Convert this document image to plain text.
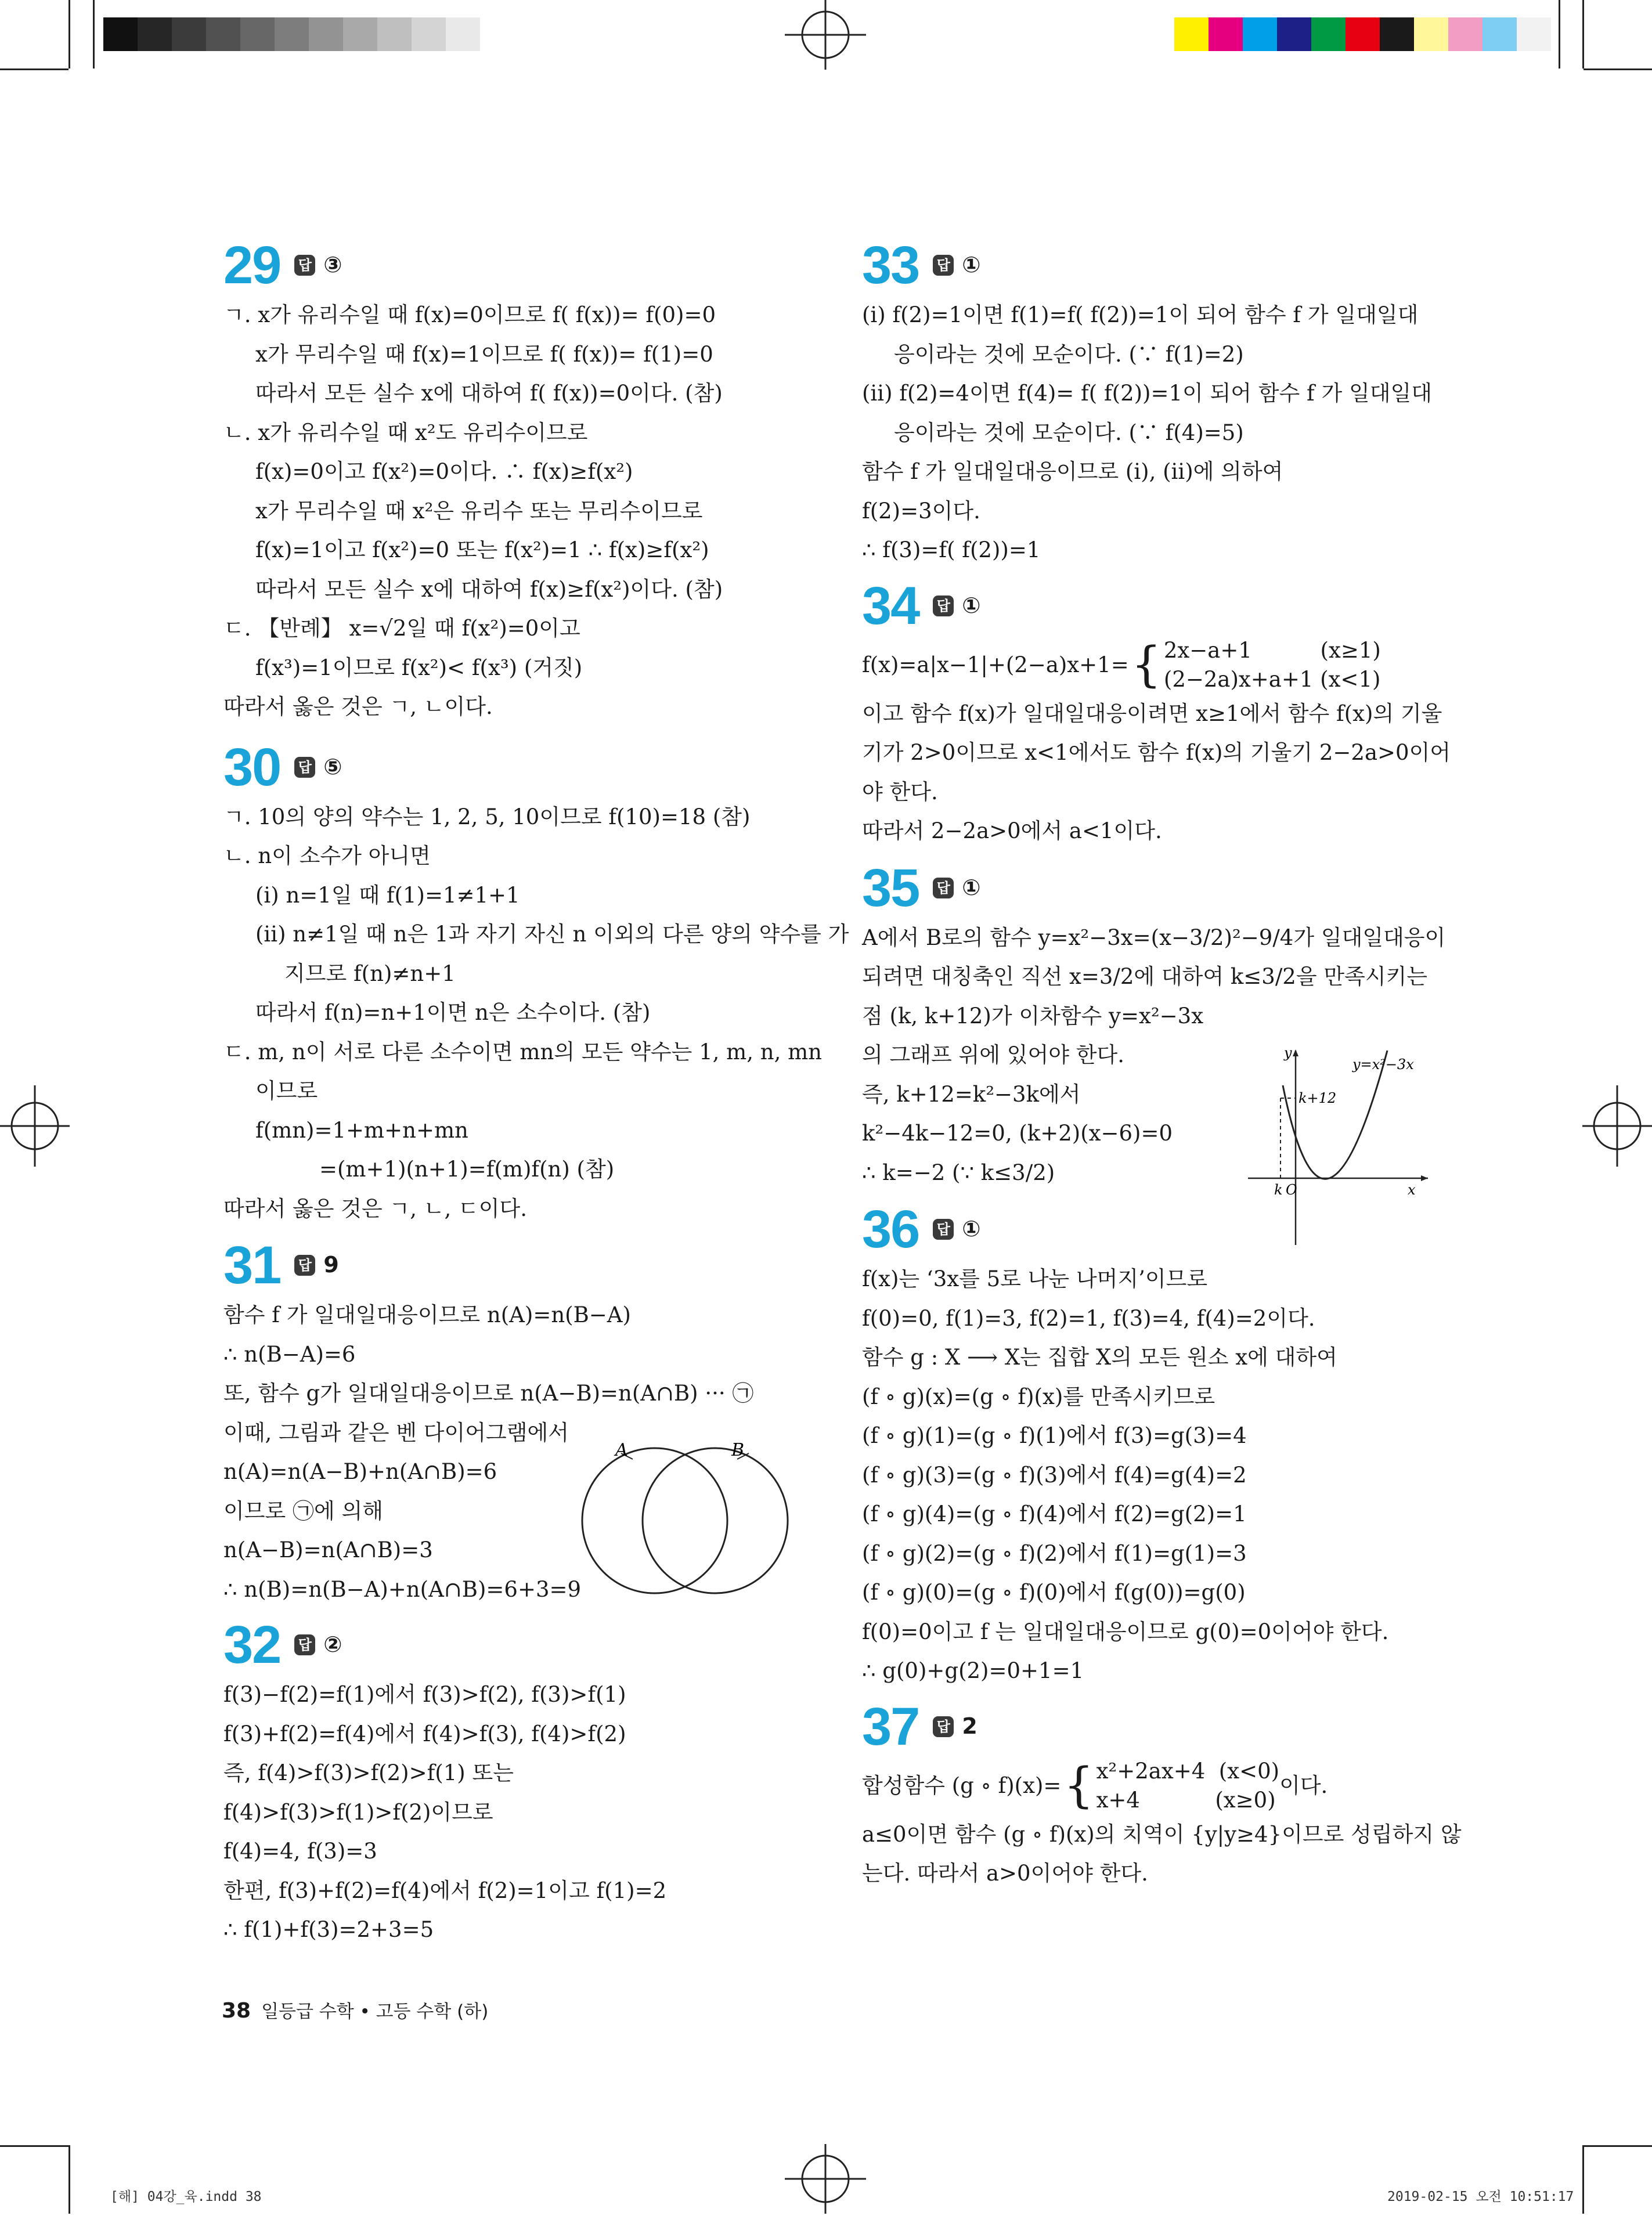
29 답 ③
ㄱ. x가 유리수일 때 f(x)=0이므로 f( f(x))= f(0)=0
x가 무리수일 때 f(x)=1이므로 f( f(x))= f(1)=0
따라서 모든 실수 x에 대하여 f( f(x))=0이다. (참)
ㄴ. x가 유리수일 때 x²도 유리수이므로
f(x)=0이고 f(x²)=0이다. ∴ f(x)≥f(x²)
x가 무리수일 때 x²은 유리수 또는 무리수이므로
f(x)=1이고 f(x²)=0 또는 f(x²)=1 ∴ f(x)≥f(x²)
따라서 모든 실수 x에 대하여 f(x)≥f(x²)이다. (참)
ㄷ. 【반례】 x=√2일 때 f(x²)=0이고
f(x³)=1이므로 f(x²)< f(x³) (거짓)
따라서 옳은 것은 ㄱ, ㄴ이다.
30 답 ⑤
ㄱ. 10의 양의 약수는 1, 2, 5, 10이므로 f(10)=18 (참)
ㄴ. n이 소수가 아니면
(ⅰ) n=1일 때 f(1)=1≠1+1
(ⅱ) n≠1일 때 n은 1과 자기 자신 n 이외의 다른 양의 약수를 가
지므로 f(n)≠n+1
따라서 f(n)=n+1이면 n은 소수이다. (참)
ㄷ. m, n이 서로 다른 소수이면 mn의 모든 약수는 1, m, n, mn
이므로
f(mn)=1+m+n+mn
=(m+1)(n+1)=f(m)f(n) (참)
따라서 옳은 것은 ㄱ, ㄴ, ㄷ이다.
31 답 9
함수 f 가 일대일대응이므로 n(A)=n(B−A)
∴ n(B−A)=6
또, 함수 g가 일대일대응이므로 n(A−B)=n(A∩B) ··· ㉠
이때, 그림과 같은 벤 다이어그램에서
n(A)=n(A−B)+n(A∩B)=6
이므로 ㉠에 의해
n(A−B)=n(A∩B)=3
∴ n(B)=n(B−A)+n(A∩B)=6+3=9
32 답 ②
f(3)−f(2)=f(1)에서 f(3)>f(2), f(3)>f(1)
f(3)+f(2)=f(4)에서 f(4)>f(3), f(4)>f(2)
즉, f(4)>f(3)>f(2)>f(1) 또는
f(4)>f(3)>f(1)>f(2)이므로
f(4)=4, f(3)=3
한편, f(3)+f(2)=f(4)에서 f(2)=1이고 f(1)=2
∴ f(1)+f(3)=2+3=5
A	B
33 답 ①
(ⅰ) f(2)=1이면 f(1)=f( f(2))=1이 되어 함수 f 가 일대일대
응이라는 것에 모순이다. (∵ f(1)=2)
(ⅱ) f(2)=4이면 f(4)= f( f(2))=1이 되어 함수 f 가 일대일대
응이라는 것에 모순이다. (∵ f(4)=5)
함수 f 가 일대일대응이므로 (ⅰ), (ⅱ)에 의하여
f(2)=3이다.
∴ f(3)=f( f(2))=1
34 답 ①
f(x)=a|x−1|+(2−a)x+1= { 2x−a+1          (x≥1)
(2−2a)x+a+1 (x<1)
이고 함수 f(x)가 일대일대응이려면 x≥1에서 함수 f(x)의 기울
기가 2>0이므로 x<1에서도 함수 f(x)의 기울기 2−2a>0이어
야 한다.
따라서 2−2a>0에서 a<1이다.
35 답 ①
A에서 B로의 함수 y=x²−3x=(x−3/2)²−9/4가 일대일대응이
되려면 대칭축인 직선 x=3/2에 대하여 k≤3/2을 만족시키는
점 (k, k+12)가 이차함수 y=x²−3x
의 그래프 위에 있어야 한다.
즉, k+12=k²−3k에서
k²−4k−12=0, (k+2)(x−6)=0
∴ k=−2 (∵ k≤3/2)
36 답 ①
f(x)는 ‘3x를 5로 나눈 나머지’이므로
f(0)=0, f(1)=3, f(2)=1, f(3)=4, f(4)=2이다.
함수 g : X ⟶ X는 집합 X의 모든 원소 x에 대하여
(f ∘ g)(x)=(g ∘ f)(x)를 만족시키므로
(f ∘ g)(1)=(g ∘ f)(1)에서 f(3)=g(3)=4
(f ∘ g)(3)=(g ∘ f)(3)에서 f(4)=g(4)=2
(f ∘ g)(4)=(g ∘ f)(4)에서 f(2)=g(2)=1
(f ∘ g)(2)=(g ∘ f)(2)에서 f(1)=g(1)=3
(f ∘ g)(0)=(g ∘ f)(0)에서 f(g(0))=g(0)
f(0)=0이고 f 는 일대일대응이므로 g(0)=0이어야 한다.
∴ g(0)+g(2)=0+1=1
37 답 2
합성함수 (g ∘ f)(x)= { x²+2ax+4  (x<0)
x+4           (x≥0)
이다.
a≤0이면 함수 (g ∘ f)(x)의 치역이 {y|y≥4}이므로 성립하지 않
는다. 따라서 a>0이어야 한다.
k+12
y=x²−3x
y
x
k O
38 일등급 수학 • 고등 수학 (하)
[해] 04강_육.indd 38	2019-02-15 오전 10:51:17
